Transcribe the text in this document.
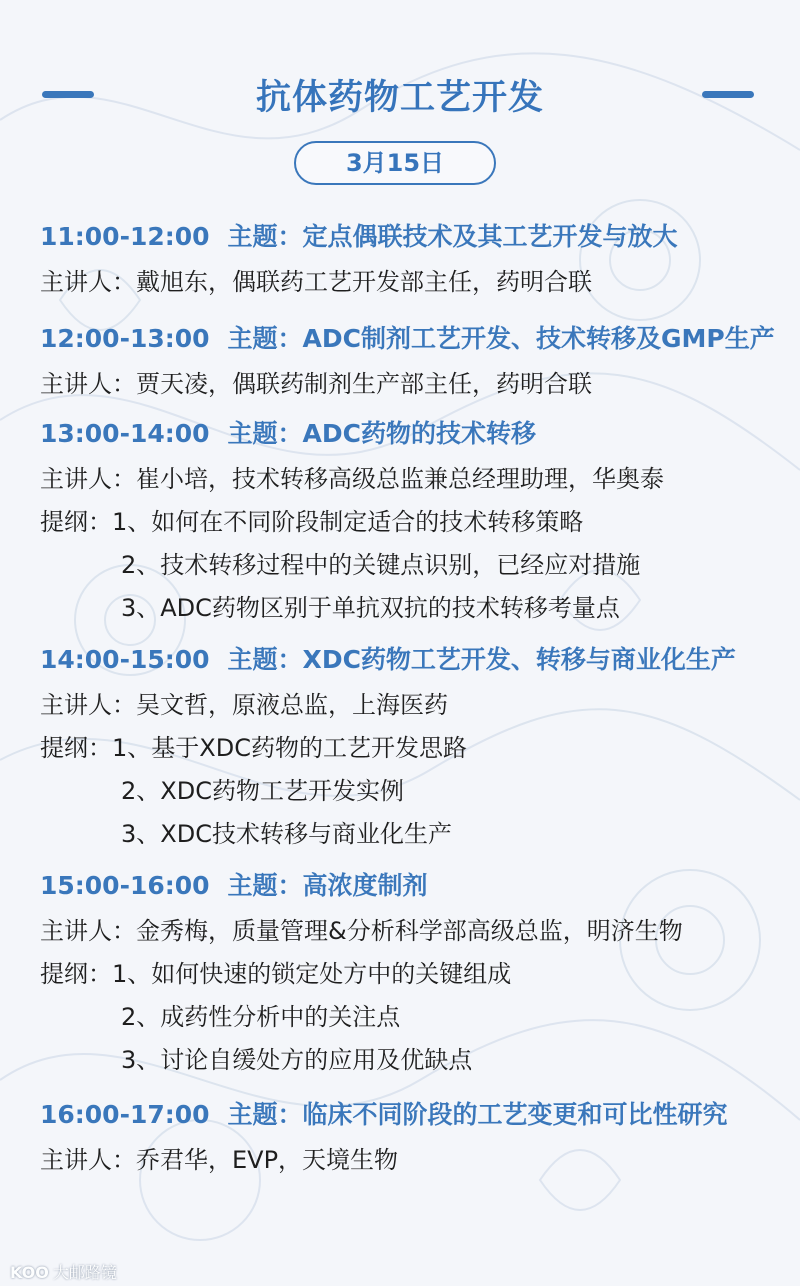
抗体药物工艺开发
3月15日
11:00-12:00 主题：定点偶联技术及其工艺开发与放大
主讲人：戴旭东，偶联药工艺开发部主任，药明合联
12:00-13:00 主题：ADC制剂工艺开发、技术转移及GMP生产
主讲人：贾天凌，偶联药制剂生产部主任，药明合联
13:00-14:00 主题：ADC药物的技术转移
主讲人：崔小培，技术转移高级总监兼总经理助理，华奥泰
提纲：1、如何在不同阶段制定适合的技术转移策略
2、技术转移过程中的关键点识别，已经应对措施
3、ADC药物区别于单抗双抗的技术转移考量点
14:00-15:00 主题：XDC药物工艺开发、转移与商业化生产
主讲人：吴文哲，原液总监，上海医药
提纲：1、基于XDC药物的工艺开发思路
2、XDC药物工艺开发实例
3、XDC技术转移与商业化生产
15:00-16:00 主题：高浓度制剂
主讲人：金秀梅，质量管理&分析科学部高级总监，明济生物
提纲：1、如何快速的锁定处方中的关键组成
2、成药性分析中的关注点
3、讨论自缓处方的应用及优缺点
16:00-17:00 主题：临床不同阶段的工艺变更和可比性研究
主讲人：乔君华，EVP，天境生物
KOO 大邮路镜
